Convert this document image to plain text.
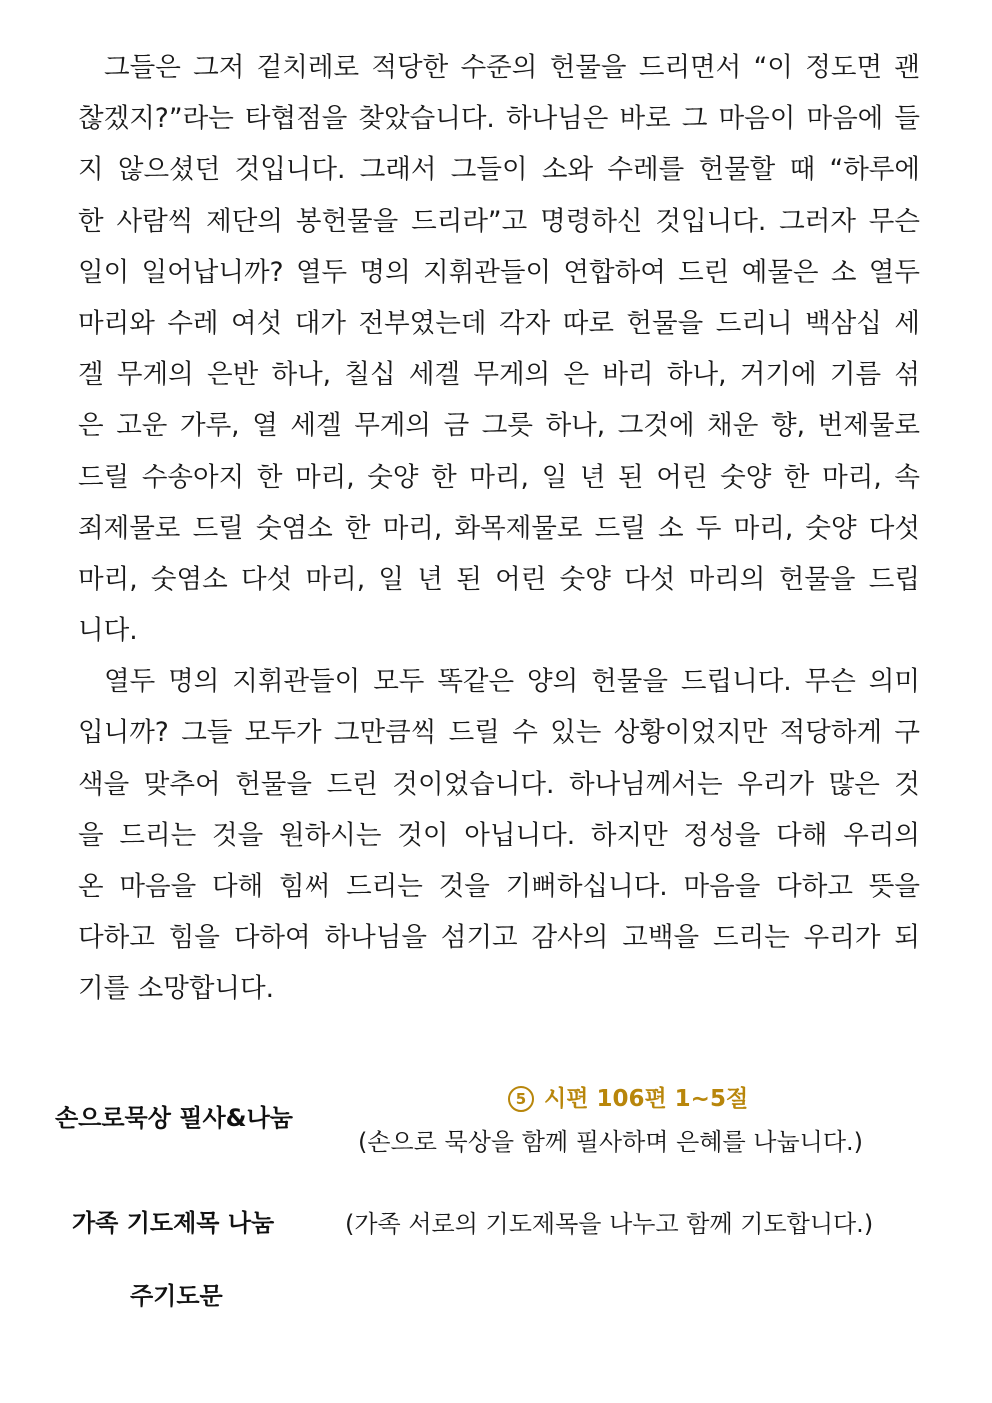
그들은 그저 겉치레로 적당한 수준의 헌물을 드리면서 “이 정도면 괜
찮겠지?”라는 타협점을 찾았습니다. 하나님은 바로 그 마음이 마음에 들
지 않으셨던 것입니다. 그래서 그들이 소와 수레를 헌물할 때 “하루에
한 사람씩 제단의 봉헌물을 드리라”고 명령하신 것입니다. 그러자 무슨
일이 일어납니까? 열두 명의 지휘관들이 연합하여 드린 예물은 소 열두
마리와 수레 여섯 대가 전부였는데 각자 따로 헌물을 드리니 백삼십 세
겔 무게의 은반 하나, 칠십 세겔 무게의 은 바리 하나, 거기에 기름 섞
은 고운 가루, 열 세겔 무게의 금 그릇 하나, 그것에 채운 향, 번제물로
드릴 수송아지 한 마리, 숫양 한 마리, 일 년 된 어린 숫양 한 마리, 속
죄제물로 드릴 숫염소 한 마리, 화목제물로 드릴 소 두 마리, 숫양 다섯
마리, 숫염소 다섯 마리, 일 년 된 어린 숫양 다섯 마리의 헌물을 드립
니다.
열두 명의 지휘관들이 모두 똑같은 양의 헌물을 드립니다. 무슨 의미
입니까? 그들 모두가 그만큼씩 드릴 수 있는 상황이었지만 적당하게 구
색을 맞추어 헌물을 드린 것이었습니다. 하나님께서는 우리가 많은 것
을 드리는 것을 원하시는 것이 아닙니다. 하지만 정성을 다해 우리의
온 마음을 다해 힘써 드리는 것을 기뻐하십니다. 마음을 다하고 뜻을
다하고 힘을 다하여 하나님을 섬기고 감사의 고백을 드리는 우리가 되
기를 소망합니다.
손으로묵상 필사&나눔
5 시편 106편 1~5절
(손으로 묵상을 함께 필사하며 은혜를 나눕니다.)
가족 기도제목 나눔	(가족 서로의 기도제목을 나누고 함께 기도합니다.)
주기도문
